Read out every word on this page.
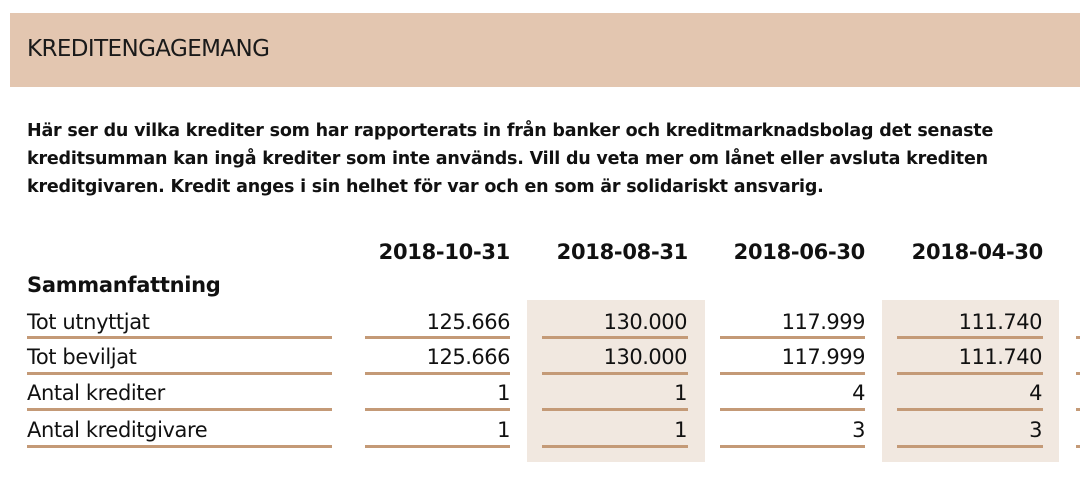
KREDITENGAGEMANG
Här ser du vilka krediter som har rapporterats in från banker och kreditmarknadsbolag det senaste
kreditsumman kan ingå krediter som inte används. Vill du veta mer om lånet eller avsluta krediten
kreditgivaren. Kredit anges i sin helhet för var och en som är solidariskt ansvarig.
2018-10-31	2018-08-31	2018-06-30	2018-04-30
Sammanfattning
Tot utnyttjat	125.666	130.000	117.999	111.740
Tot beviljat	125.666	130.000	117.999	111.740
Antal krediter	1	1	4	4
Antal kreditgivare	1	1	3	3
